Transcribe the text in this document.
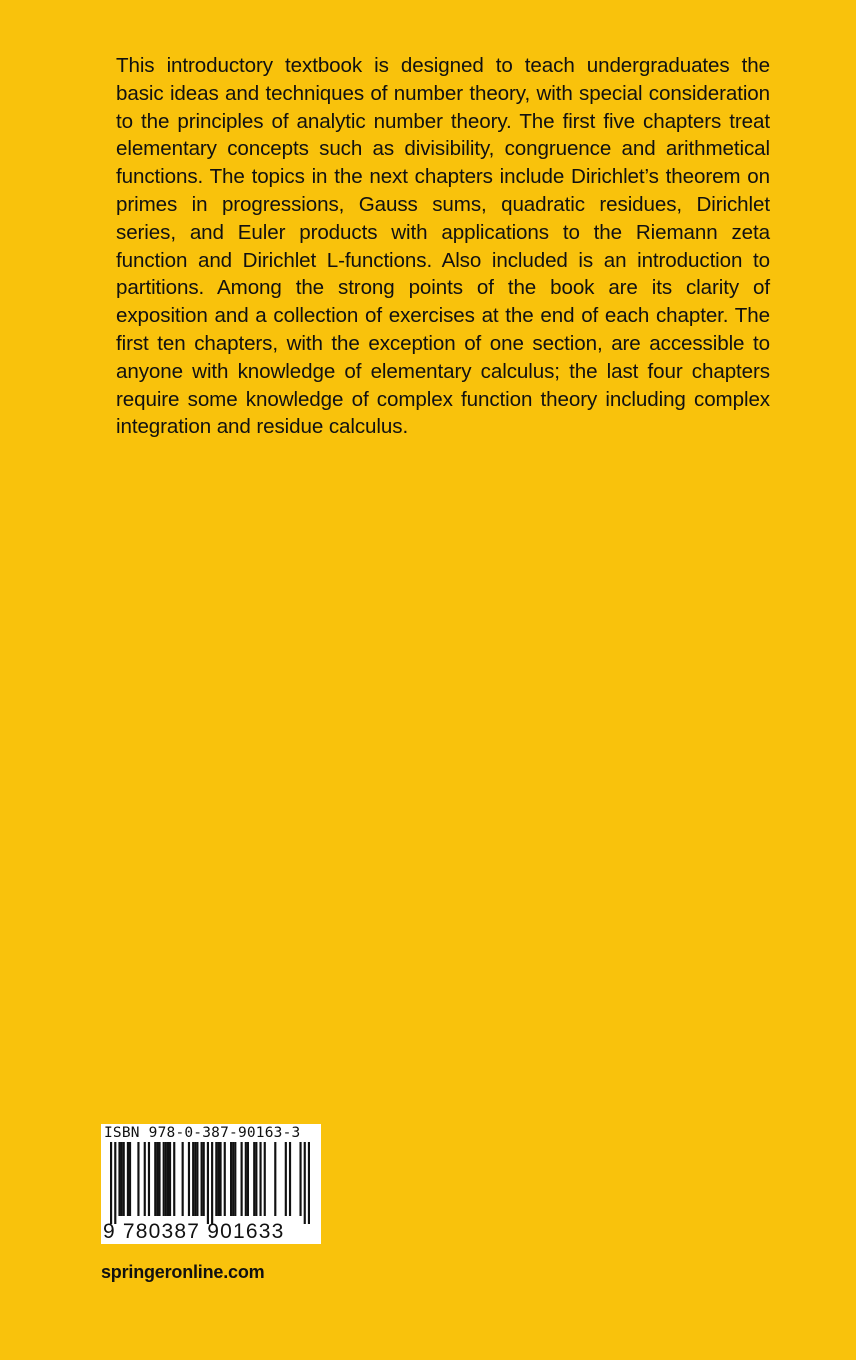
This introductory textbook is designed to teach undergraduates the basic ideas and techniques of number theory, with special consideration to the principles of analytic number theory. The first five chapters treat elementary concepts such as divisibility, congruence and arithmetical functions. The topics in the next chapters include Dirichlet’s theorem on primes in progressions, Gauss sums, quadratic residues, Dirichlet series, and Euler products with applications to the Riemann zeta function and Dirichlet L-functions. Also included is an introduction to partitions. Among the strong points of the book are its clarity of exposition and a collection of exercises at the end of each chapter. The first ten chapters, with the exception of one section, are accessible to anyone with knowledge of elementary calculus; the last four chapters require some knowledge of complex function theory including complex integration and residue calculus.

ISBN 978-0-387-90163-3
9 780387 901633
springeronline.com
